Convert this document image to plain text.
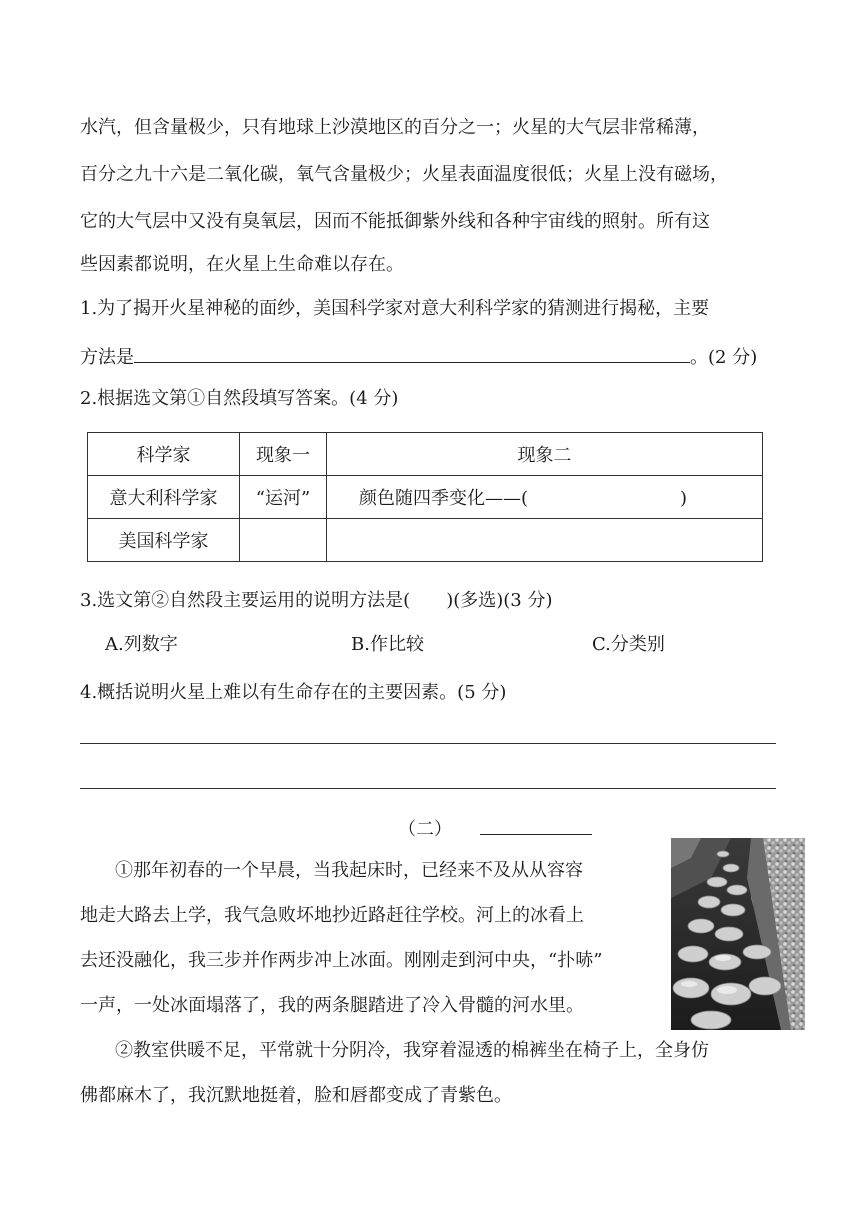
水汽，但含量极少，只有地球上沙漠地区的百分之一；火星的大气层非常稀薄，
百分之九十六是二氧化碳，氧气含量极少；火星表面温度很低；火星上没有磁场，
它的大气层中又没有臭氧层，因而不能抵御紫外线和各种宇宙线的照射。所有这
些因素都说明，在火星上生命难以存在。
1.为了揭开火星神秘的面纱，美国科学家对意大利科学家的猜测进行揭秘，主要
方法是	。(2 分)
2.根据选文第①自然段填写答案。(4 分)
科学家	现象一	现象二
意大利科学家	“运河”	颜色随四季变化——( )
美国科学家		
3.选文第②自然段主要运用的说明方法是(　　)(多选)(3 分)
A.列数字	B.作比较	C.分类别
4.概括说明火星上难以有生命存在的主要因素。(5 分)
（二）
①那年初春的一个早晨，当我起床时，已经来不及从从容容
地走大路去上学，我气急败坏地抄近路赶往学校。河上的冰看上
去还没融化，我三步并作两步冲上冰面。刚刚走到河中央，“扑哧”
一声，一处冰面塌落了，我的两条腿踏进了冷入骨髓的河水里。
②教室供暖不足，平常就十分阴冷，我穿着湿透的棉裤坐在椅子上，全身仿
佛都麻木了，我沉默地挺着，脸和唇都变成了青紫色。
